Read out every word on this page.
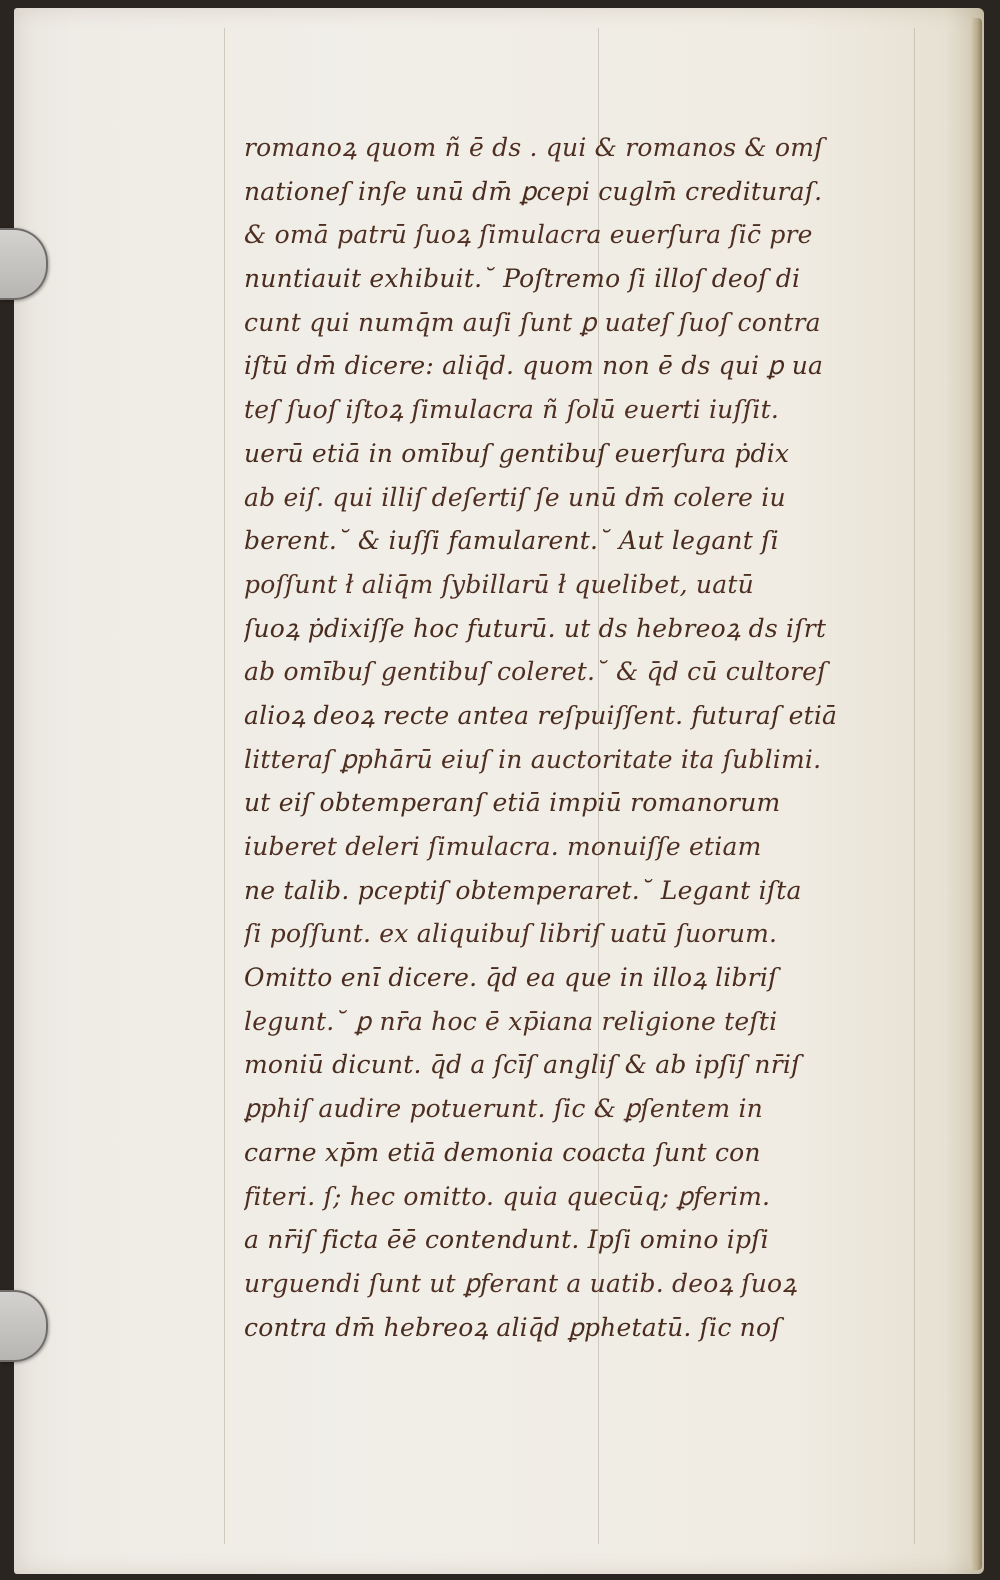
romanoꝝ quom ñ ē ds . qui & romanos & omſ
nationeſ inſe unū dm̄ ꝑcepi cuglm̄ credituraſ.
& omā patrū ſuoꝝ ſimulacra euerſura ſic̄ pre
nuntiauit exhibuit.˘ Poſtremo ſi illoſ deoſ di
cunt qui numq̄m auſi ſunt ꝑ uateſ ſuoſ contra
iſtū dm̄ dicere: aliq̄d. quom non ē ds qui ꝑ ua
teſ ſuoſ iſtoꝝ ſimulacra ñ ſolū euerti iuſſit.
uerū etiā in omībuſ gentibuſ euerſura ṗdix
ab eiſ. qui illiſ deſertiſ ſe unū dm̄ colere iu
berent.˘ & iuſſi famularent.˘ Aut legant ſi
poſſunt ł aliq̄m ſybillarū ł quelibet, uatū
ſuoꝝ ṗdixiſſe hoc futurū. ut ds hebreoꝝ ds iſrt
ab omībuſ gentibuſ coleret.˘ & q̄d cū cultoreſ
alioꝝ deoꝝ recte antea reſpuiſſent. futuraſ etiā
litteraſ ꝑphārū eiuſ in auctoritate ita ſublimi.
ut eiſ obtemperanſ etiā impiū romanorum
iuberet deleri ſimulacra. monuiſſe etiam
ne talib. pceptiſ obtemperaret.˘ Legant iſta
ſi poſſunt. ex aliquibuſ libriſ uatū ſuorum.
Omitto enī dicere. q̄d ea que in illoꝝ libriſ
legunt.˘ ꝑ nr̄a hoc ē xp̄iana religione teſti
moniū dicunt. q̄d a ſcīſ angliſ & ab ipſiſ nr̄iſ
ꝑphiſ audire potuerunt. ſic & ꝑſentem in
carne xp̄m etiā demonia coacta ſunt con
fiteri. ſ; hec omitto. quia quecūq; ꝑferim.
a nr̄iſ ficta ēē contendunt. Ipſi omino ipſi
urguendi ſunt ut ꝑferant a uatib. deoꝝ ſuoꝝ
contra dm̄ hebreoꝝ aliq̄d ꝑphetatū. ſic noſ
